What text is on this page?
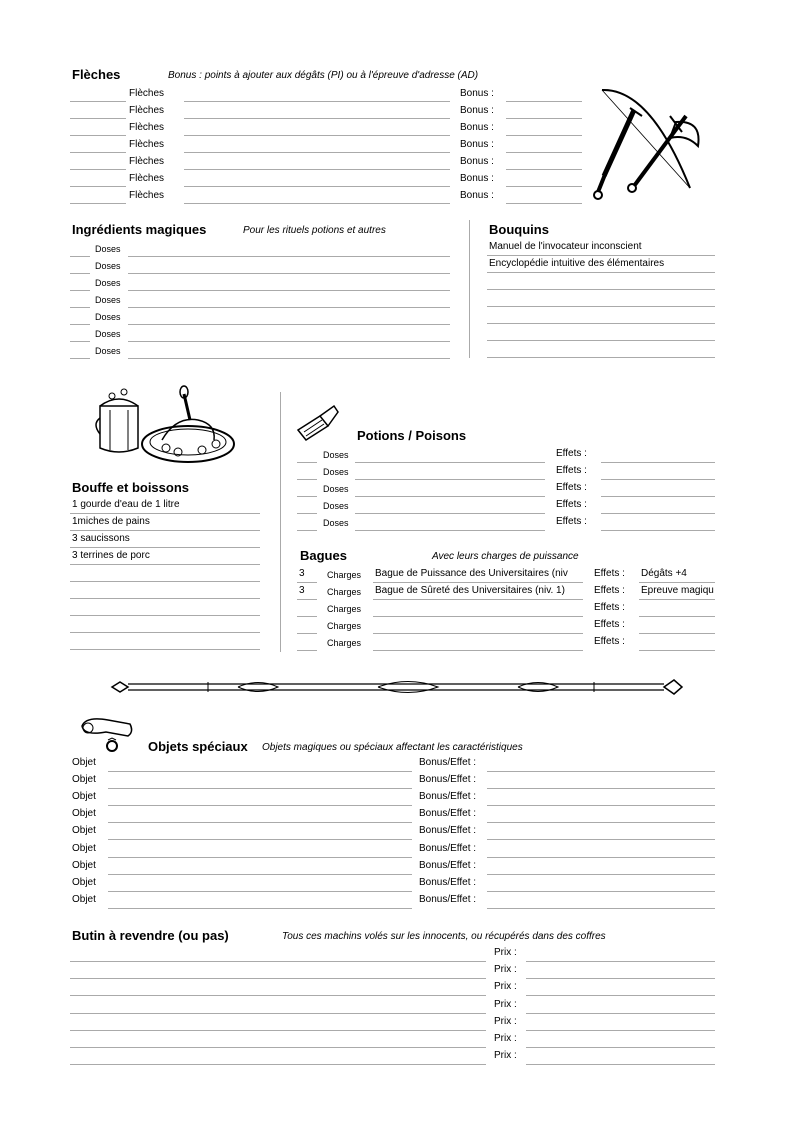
Flèches	Bonus : points à ajouter aux dégâts (PI) ou à l'épreuve d'adresse (AD)
Flèches	Bonus :
Flèches	Bonus :
Flèches	Bonus :
Flèches	Bonus :
Flèches	Bonus :
Flèches	Bonus :
Flèches	Bonus :
Ingrédients magiques	Pour les rituels potions et autres
Doses
Doses
Doses
Doses
Doses
Doses
Doses
Bouquins
Manuel de l'invocateur inconscient
Encyclopédie intuitive des élémentaires
Bouffe et boissons
1 gourde d'eau de 1 litre
1miches de pains
3 saucissons
3 terrines de porc
Potions / Poisons
Doses	Effets :
Doses	Effets :
Doses	Effets :
Doses	Effets :
Doses	Effets :
Bagues	Avec leurs charges de puissance
3	Charges Bague de Puissance des Universitaires (niv	Effets : Dégâts +4
3	Charges Bague de Sûreté des Universitaires (niv. 1)	Effets : Épreuve magiqu
Charges	Effets :
Charges	Effets :
Charges	Effets :
Objets spéciaux Objets magiques ou spéciaux affectant les caractéristiques
Objet	Bonus/Effet :
Objet	Bonus/Effet :
Objet	Bonus/Effet :
Objet	Bonus/Effet :
Objet	Bonus/Effet :
Objet	Bonus/Effet :
Objet	Bonus/Effet :
Objet	Bonus/Effet :
Objet	Bonus/Effet :
Butin à revendre (ou pas)	Tous ces machins volés sur les innocents, ou récupérés dans des coffres
Prix :
Prix :
Prix :
Prix :
Prix :
Prix :
Prix :
